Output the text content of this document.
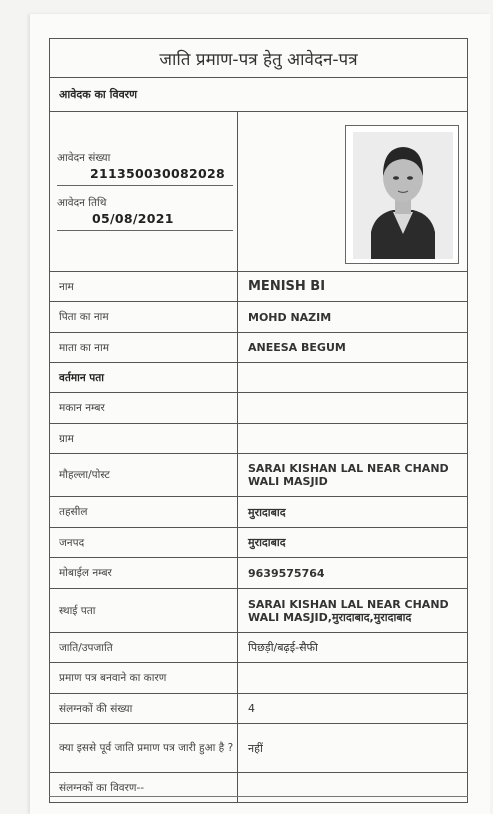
जाति प्रमाण-पत्र हेतु आवेदन-पत्र
आवेदक का विवरण
आवेदन संख्या
211350030082028
आवेदन तिथि
05/08/2021
नाम	MENISH BI
पिता का नाम	MOHD NAZIM
माता का नाम	ANEESA BEGUM
वर्तमान पता
मकान नम्बर
ग्राम
मौहल्ला/पोस्ट	SARAI KISHAN LAL NEAR CHAND WALI MASJID
तहसील	मुरादाबाद
जनपद	मुरादाबाद
मोबाईल नम्बर	9639575764
स्थाई पता	SARAI KISHAN LAL NEAR CHAND WALI MASJID,मुरादाबाद,मुरादाबाद
जाति/उपजाति	पिछड़ी/बढ़ई-सैफी
प्रमाण पत्र बनवाने का कारण
संलग्नकों की संख्या	4
क्या इससे पूर्व जाति प्रमाण पत्र जारी हुआ है ?	नहीं
संलग्नकों का विवरण--
